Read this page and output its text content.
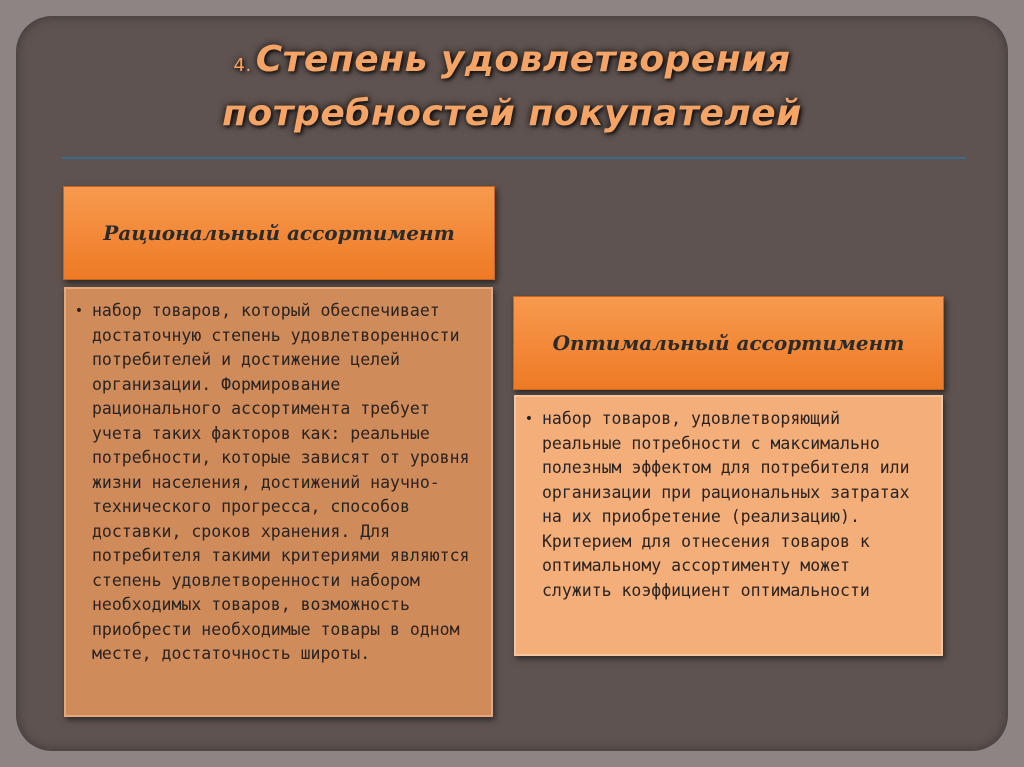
4. Степень удовлетворения
потребностей покупателей
Рациональный ассортимент
• набор товаров, который обеспечивает достаточную степень удовлетворенности потребителей и достижение целей организации. Формирование рационального ассортимента требует учета таких факторов как: реальные потребности, которые зависят от уровня жизни населения, достижений научно-технического прогресса, способов доставки, сроков хранения. Для потребителя такими критериями являются степень удовлетворенности набором необходимых товаров, возможность приобрести необходимые товары в одном месте, достаточность широты.
Оптимальный ассортимент
• набор товаров, удовлетворяющий реальные потребности с максимально полезным эффектом для потребителя или организации при рациональных затратах на их приобретение (реализацию). Критерием для отнесения товаров к оптимальному ассортименту может служить коэффициент оптимальности
